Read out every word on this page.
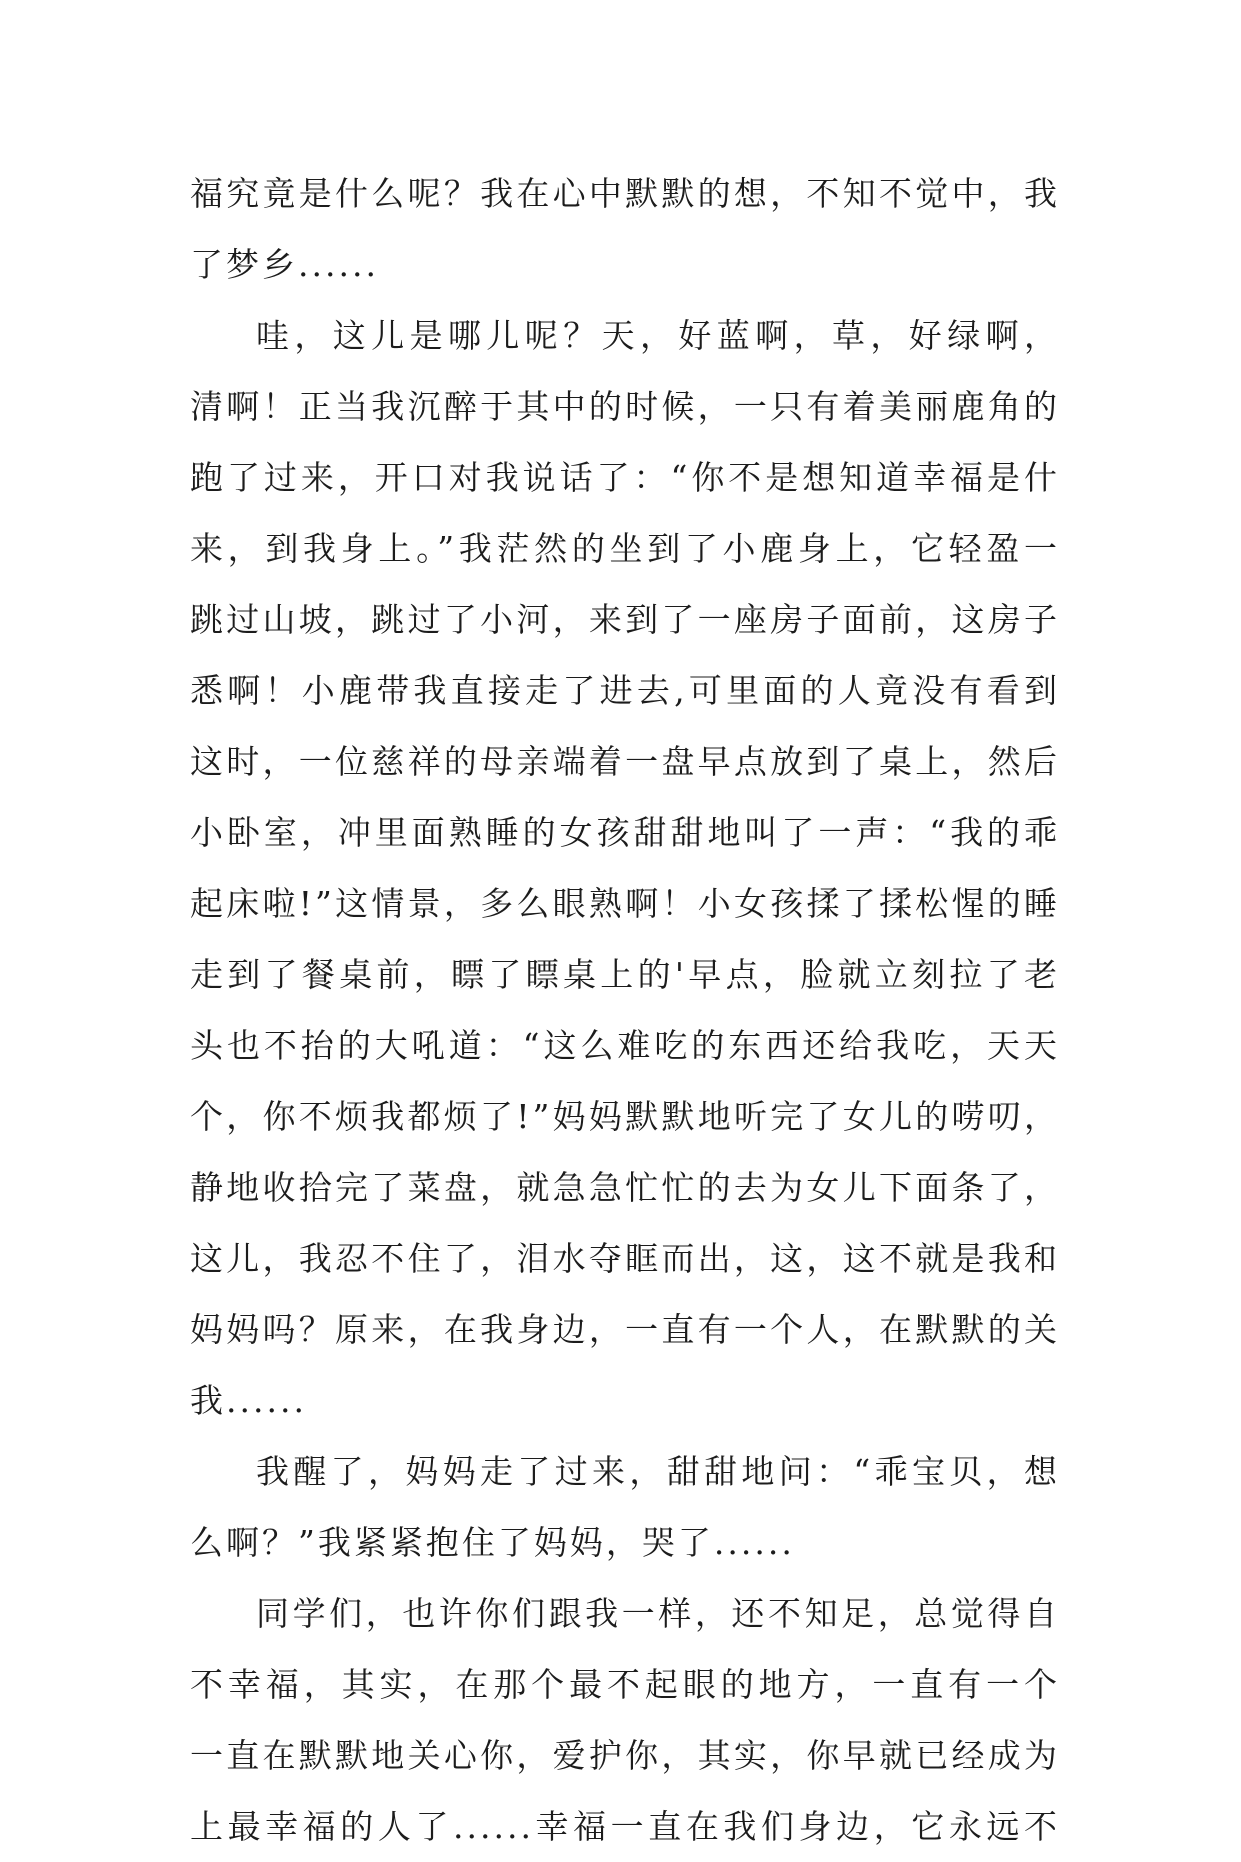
福究竟是什么呢？我在心中默默的想，不知不觉中，我
了梦乡......
哇，这儿是哪儿呢？天，好蓝啊，草，好绿啊，
清啊！正当我沉醉于其中的时候，一只有着美丽鹿角的
跑了过来，开口对我说话了：“你不是想知道幸福是什
来，到我身上。”我茫然的坐到了小鹿身上，它轻盈一
跳过山坡，跳过了小河，来到了一座房子面前，这房子
悉啊！小鹿带我直接走了进去,可里面的人竟没有看到
这时，一位慈祥的母亲端着一盘早点放到了桌上，然后
小卧室，冲里面熟睡的女孩甜甜地叫了一声：“我的乖
起床啦!”这情景，多么眼熟啊！小女孩揉了揉松惺的睡
走到了餐桌前，瞟了瞟桌上的'早点，脸就立刻拉了老
头也不抬的大吼道：“这么难吃的东西还给我吃，天天
个，你不烦我都烦了!”妈妈默默地听完了女儿的唠叨，
静地收拾完了菜盘，就急急忙忙的去为女儿下面条了，
这儿，我忍不住了，泪水夺眶而出，这，这不就是我和
妈妈吗？原来，在我身边，一直有一个人，在默默的关
我......
我醒了，妈妈走了过来，甜甜地问：“乖宝贝，想
么啊？”我紧紧抱住了妈妈，哭了......
同学们，也许你们跟我一样，还不知足，总觉得自
不幸福，其实，在那个最不起眼的地方，一直有一个
一直在默默地关心你，爱护你，其实，你早就已经成为
上最幸福的人了......幸福一直在我们身边，它永远不
